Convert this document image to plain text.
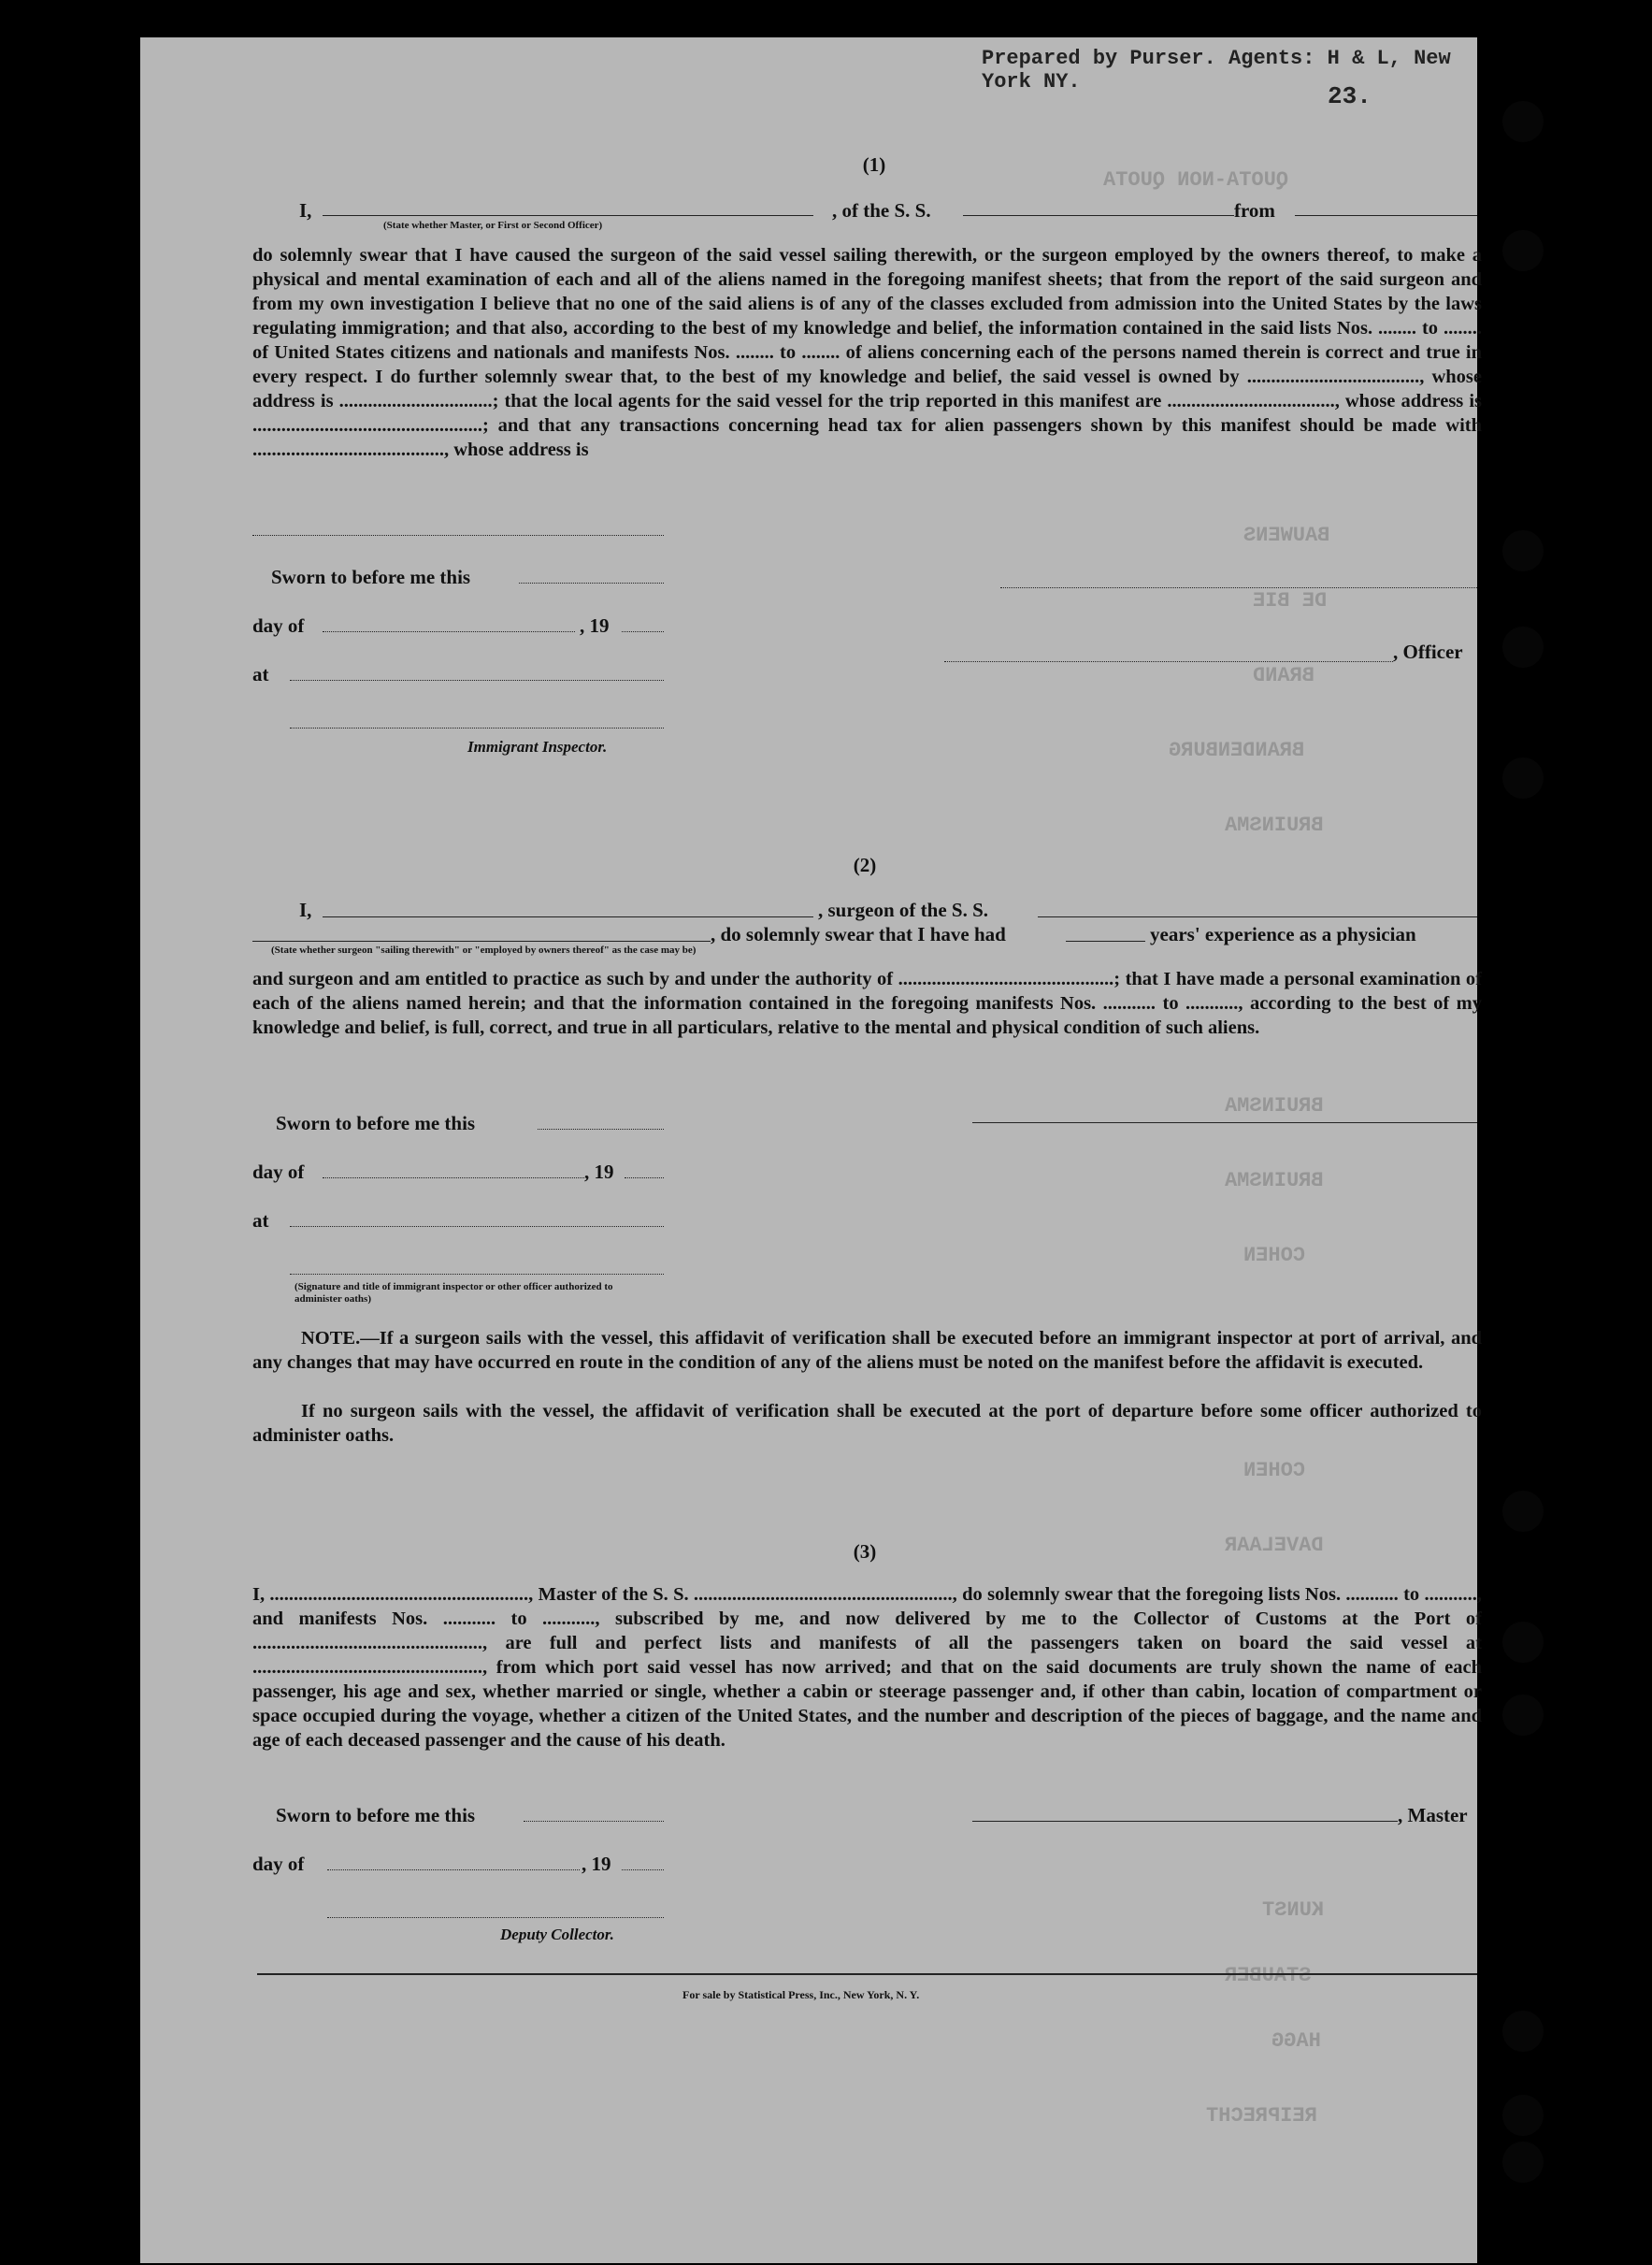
Prepared by Purser. Agents: H & L, New York NY.
23.
QUOTA-NON QUOTA
BAUWENS
DE BIE
BRAND
BRANDENBURG
BRUINSMA
BRUINSMA
BRUINSMA
COHEN
COHEN
DAVELAAR
KUNST
STAUBER
HAGG
REIPRECHT
(1)
I,
(State whether Master, or First or Second Officer)
, of the S. S.	from
do solemnly swear that I have caused the surgeon of the said vessel sailing therewith, or the surgeon employed by the owners thereof, to make a physical and mental examination of each and all of the aliens named in the foregoing manifest sheets; that from the report of the said surgeon and from my own investigation I believe that no one of the said aliens is of any of the classes excluded from admission into the United States by the laws regulating immigration; and that also, according to the best of my knowledge and belief, the information contained in the said lists Nos. ........ to ........ of United States citizens and nationals and manifests Nos. ........ to ........ of aliens concerning each of the persons named therein is correct and true in every respect. I do further solemnly swear that, to the best of my knowledge and belief, the said vessel is owned by ...................................., whose address is ................................; that the local agents for the said vessel for the trip reported in this manifest are ..................................., whose address is ................................................; and that any transactions concerning head tax for alien passengers shown by this manifest should be made with ........................................, whose address is
Sworn to before me this
day of	, 19
at
, Officer
Immigrant Inspector.
(2)
I,	, surgeon of the S. S.
, do solemnly swear that I have had	years' experience as a physician
(State whether surgeon "sailing therewith" or "employed by owners thereof" as the case may be)
and surgeon and am entitled to practice as such by and under the authority of .............................................; that I have made a personal examination of each of the aliens named herein; and that the information contained in the foregoing manifests Nos. ........... to ..........., according to the best of my knowledge and belief, is full, correct, and true in all particulars, relative to the mental and physical condition of such aliens.
Sworn to before me this
day of	, 19
at
(Signature and title of immigrant inspector or other officer authorized to administer oaths)
NOTE.—If a surgeon sails with the vessel, this affidavit of verification shall be executed before an immigrant inspector at port of arrival, and any changes that may have occurred en route in the condition of any of the aliens must be noted on the manifest before the affidavit is executed.
If no surgeon sails with the vessel, the affidavit of verification shall be executed at the port of departure before some officer authorized to administer oaths.
(3)
I, ......................................................, Master of the S. S. ......................................................, do solemnly swear that the foregoing lists Nos. ........... to ..........., and manifests Nos. ........... to ..........., subscribed by me, and now delivered by me to the Collector of Customs at the Port of ................................................, are full and perfect lists and manifests of all the passengers taken on board the said vessel at ................................................, from which port said vessel has now arrived; and that on the said documents are truly shown the name of each passenger, his age and sex, whether married or single, whether a cabin or steerage passenger and, if other than cabin, location of compartment or space occupied during the voyage, whether a citizen of the United States, and the number and description of the pieces of baggage, and the name and age of each deceased passenger and the cause of his death.
Sworn to before me this	, Master
day of	, 19
Deputy Collector.
For sale by Statistical Press, Inc., New York, N. Y.
